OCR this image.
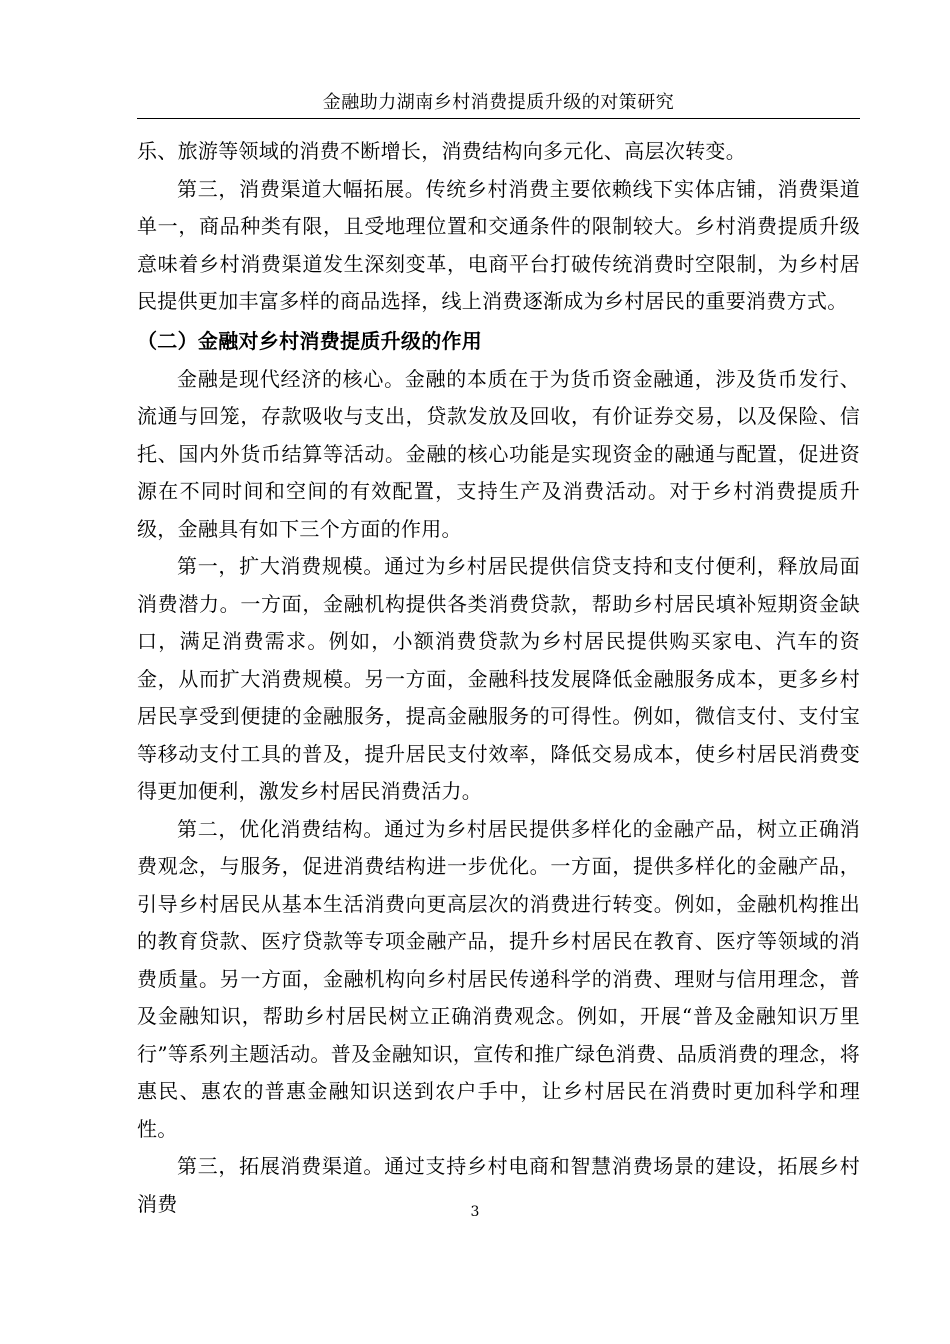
金融助力湖南乡村消费提质升级的对策研究

乐、旅游等领域的消费不断增长，消费结构向多元化、高层次转变。

第三，消费渠道大幅拓展。传统乡村消费主要依赖线下实体店铺，消费渠道单一，商品种类有限，且受地理位置和交通条件的限制较大。乡村消费提质升级意味着乡村消费渠道发生深刻变革，电商平台打破传统消费时空限制，为乡村居民提供更加丰富多样的商品选择，线上消费逐渐成为乡村居民的重要消费方式。

（二）金融对乡村消费提质升级的作用

金融是现代经济的核心。金融的本质在于为货币资金融通，涉及货币发行、流通与回笼，存款吸收与支出，贷款发放及回收，有价证券交易，以及保险、信托、国内外货币结算等活动。金融的核心功能是实现资金的融通与配置，促进资源在不同时间和空间的有效配置，支持生产及消费活动。对于乡村消费提质升级，金融具有如下三个方面的作用。

第一，扩大消费规模。通过为乡村居民提供信贷支持和支付便利，释放局面消费潜力。一方面，金融机构提供各类消费贷款，帮助乡村居民填补短期资金缺口，满足消费需求。例如，小额消费贷款为乡村居民提供购买家电、汽车的资金，从而扩大消费规模。另一方面，金融科技发展降低金融服务成本，更多乡村居民享受到便捷的金融服务，提高金融服务的可得性。例如，微信支付、支付宝等移动支付工具的普及，提升居民支付效率，降低交易成本，使乡村居民消费变得更加便利，激发乡村居民消费活力。

第二，优化消费结构。通过为乡村居民提供多样化的金融产品，树立正确消费观念，与服务，促进消费结构进一步优化。一方面，提供多样化的金融产品，引导乡村居民从基本生活消费向更高层次的消费进行转变。例如，金融机构推出的教育贷款、医疗贷款等专项金融产品，提升乡村居民在教育、医疗等领域的消费质量。另一方面，金融机构向乡村居民传递科学的消费、理财与信用理念，普及金融知识，帮助乡村居民树立正确消费观念。例如，开展“普及金融知识万里行”等系列主题活动。普及金融知识，宣传和推广绿色消费、品质消费的理念，将惠民、惠农的普惠金融知识送到农户手中，让乡村居民在消费时更加科学和理性。

第三，拓展消费渠道。通过支持乡村电商和智慧消费场景的建设，拓展乡村消费	3
